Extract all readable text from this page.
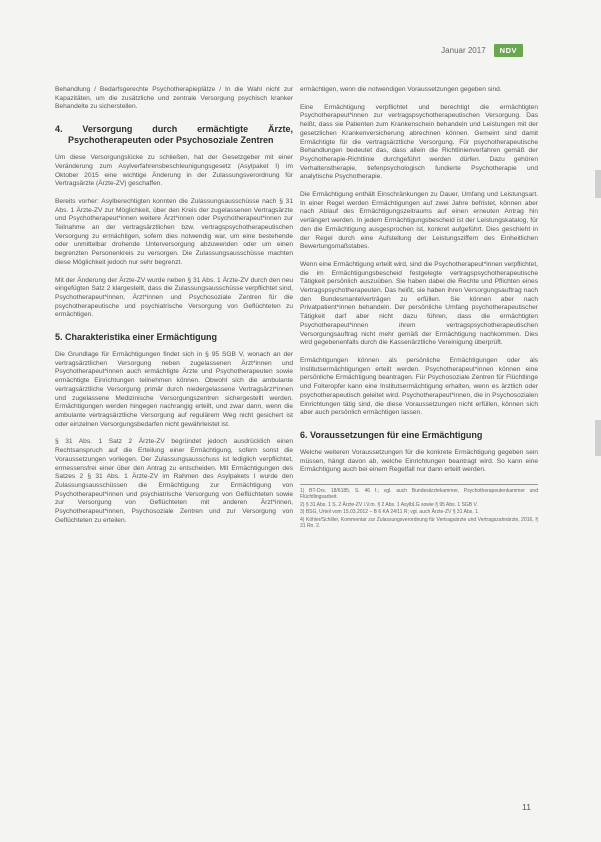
Januar 2017	NDV

Behandlung / Bedarfsgerechte Psychotherapieplätze / In die Wahl nicht zur Kapazitäten, um die zusätzliche und zentrale Versorgung psychisch kranker Behandelte zu sicherstellen.

4. Versorgung durch ermächtigte Ärzte, Psychotherapeuten oder Psychosoziale Zentren

Um diese Versorgungslücke zu schließen, hat der Gesetzgeber mit einer Veränderung zum Asylverfahrensbeschleunigungsgesetz (Asylpaket I) im Oktober 2015 eine wichtige Änderung in der Zulassungsverordnung für Vertragsärzte (Ärzte-ZV) geschaffen.

Bereits vorher: Asylberechtigten konnten die Zulassungsausschüsse nach § 31 Abs. 1 Ärzte-ZV zur Möglichkeit, über den Kreis der zugelassenen Vertragsärzte und Psychotherapeut*innen weitere Ärzt*innen oder Psychotherapeut*innen zur Teilnahme an der vertragsärztlichen bzw. vertragspsychotherapeutischen Versorgung zu ermächtigen, sofern dies notwendig war, um eine bestehende oder unmittelbar drohende Unterversorgung abzuwenden oder um einen begrenzten Personenkreis zu versorgen. Die Zulassungsausschüsse machten diese Möglichkeit jedoch nur sehr begrenzt.

Mit der Änderung der Ärzte-ZV wurde neben § 31 Abs. 1 Ärzte-ZV durch den neu eingefügten Satz 2 klargestellt, dass die Zulassungsausschüsse verpflichtet sind, Psychotherapeut*innen, Ärzt*innen und Psychosoziale Zentren für die psychotherapeutische und psychiatrische Versorgung von Geflüchteten zu ermächtigen.

5. Charakteristika einer Ermächtigung

Die Grundlage für Ermächtigungen findet sich in § 95 SGB V, wonach an der vertragsärztlichen Versorgung neben zugelassenen Ärzt*innen und Psychotherapeut*innen auch ermächtigte Ärzte und Psychotherapeuten sowie ermächtigte Einrichtungen teilnehmen können. Obwohl sich die ambulante vertragsärztliche Versorgung primär durch niedergelassene Vertragsärzt*innen und zugelassene Medizinische Versorgungszentren sichergestellt werden. Ermächtigungen werden hingegen nachrangig erteilt, und zwar dann, wenn die ambulante vertragsärztliche Versorgung auf regulärem Weg nicht gesichert ist oder einzelnen Versorgungsbedarfen nicht gewährleistet ist.

§ 31 Abs. 1 Satz 2 Ärzte-ZV begründet jedoch ausdrücklich einen Rechtsanspruch auf die Erteilung einer Ermächtigung, sofern sonst die Voraussetzungen vorliegen. Der Zulassungsausschuss ist lediglich verpflichtet, ermessensfrei einer über den Antrag zu entscheiden. Mit Ermächtigungen des Satzes 2 § 31 Abs. 1 Ärzte-ZV im Rahmen des Asylpakets I wurde den Zulassungsausschüssen die Ermächtigung zur Ermächtigung von Psychotherapeut*innen und psychiatrische Versorgung von Geflüchteten sowie zur Versorgung von Geflüchteten mit anderen Ärzt*innen, Psychotherapeut*innen, Psychosoziale Zentren und zur Versorgung von Geflüchteten zu erteilen.

ermächtigen, wenn die notwendigen Voraussetzungen gegeben sind.

Eine Ermächtigung verpflichtet und berechtigt die ermächtigten Psychotherapeut*innen zur vertragspsychotherapeutischen Versorgung. Das heißt, dass sie Patienten zum Krankenschein behandeln und Leistungen mit der gesetzlichen Krankenversicherung abrechnen können. Gemeint sind damit Ermächtigte für die vertragsärztliche Versorgung. Für psychotherapeutische Behandlungen bedeutet das, dass allein die Richtlinienverfahren gemäß der Psychotherapie-Richtlinie durchgeführt werden dürfen. Dazu gehören Verhaltenstherapie, tiefenpsychologisch fundierte Psychotherapie und analytische Psychotherapie.

Die Ermächtigung enthält Einschränkungen zu Dauer, Umfang und Leistungsart. In einer Regel werden Ermächtigungen auf zwei Jahre befristet, können aber nach Ablauf des Ermächtigungszeitraums auf einen erneuten Antrag hin verlängert werden. In jedem Ermächtigungsbescheid ist der Leistungskatalog, für den die Ermächtigung ausgesprochen ist, konkret aufgeführt. Dies geschieht in der Regel durch eine Aufstellung der Leistungsziffern des Einheitlichen Bewertungsmaßstabes.

Wenn eine Ermächtigung erteilt wird, sind die Psychotherapeut*innen verpflichtet, die im Ermächtigungsbescheid festgelegte vertragspsychotherapeutische Tätigkeit persönlich auszuüben. Sie haben dabei die Rechte und Pflichten eines Vertragspsychotherapeuten. Das heißt, sie haben ihren Versorgungsauftrag nach den Bundesmantelverträgen zu erfüllen. Sie können aber nach Privatpatient*innen behandeln. Der persönliche Umfang psychotherapeutischer Tätigkeit darf aber nicht dazu führen, dass die ermächtigten Psychotherapeut*innen ihrem vertragspsychotherapeutischen Versorgungsauftrag nicht mehr gemäß der Ermächtigung nachkommen. Dies wird gegebenenfalls durch die Kassenärztliche Vereinigung überprüft.

Ermächtigungen können als persönliche Ermächtigungen oder als Institutsermächtigungen erteilt werden. Psychotherapeut*innen können eine persönliche Ermächtigung beantragen. Für Psychosoziale Zentren für Flüchtlinge und Folteropfer kann eine Institutsermächtigung erhalten, wenn es ärztlich oder psychotherapeutisch geleitet wird. Psychotherapeut*innen, die in Psychosozialen Einrichtungen tätig sind, die diese Voraussetzungen nicht erfüllen, können sich aber auch persönlich ermächtigen lassen.

6. Voraussetzungen für eine Ermächtigung

Welche weiteren Voraussetzungen für die konkrete Ermächtigung gegeben sein müssen, hängt davon ab, welche Einrichtungen beantragt wird. So kann eine Ermächtigung auch bei einem Regelfall nur dann erteilt werden.

1) BT-Drs. 18/6185, S. 46 f.; vgl. auch Bundesärztekammer, Psychotherapeutenkammer und Flüchtlingsarbeit.
2) § 31 Abs. 1 S. 2 Ärzte-ZV i.V.m. § 2 Abs. 1 AsylbLG sowie § 95 Abs. 1 SGB V.
3) BSG, Urteil vom 15.03.2012 – B 6 KA 24/11 R; vgl. auch Ärzte-ZV § 31 Abs. 1.
4) Köhler/Schiller, Kommentar zur Zulassungsverordnung für Vertragsärzte und Vertragszahnärzte, 2016, § 31 Rn. 2.
11
